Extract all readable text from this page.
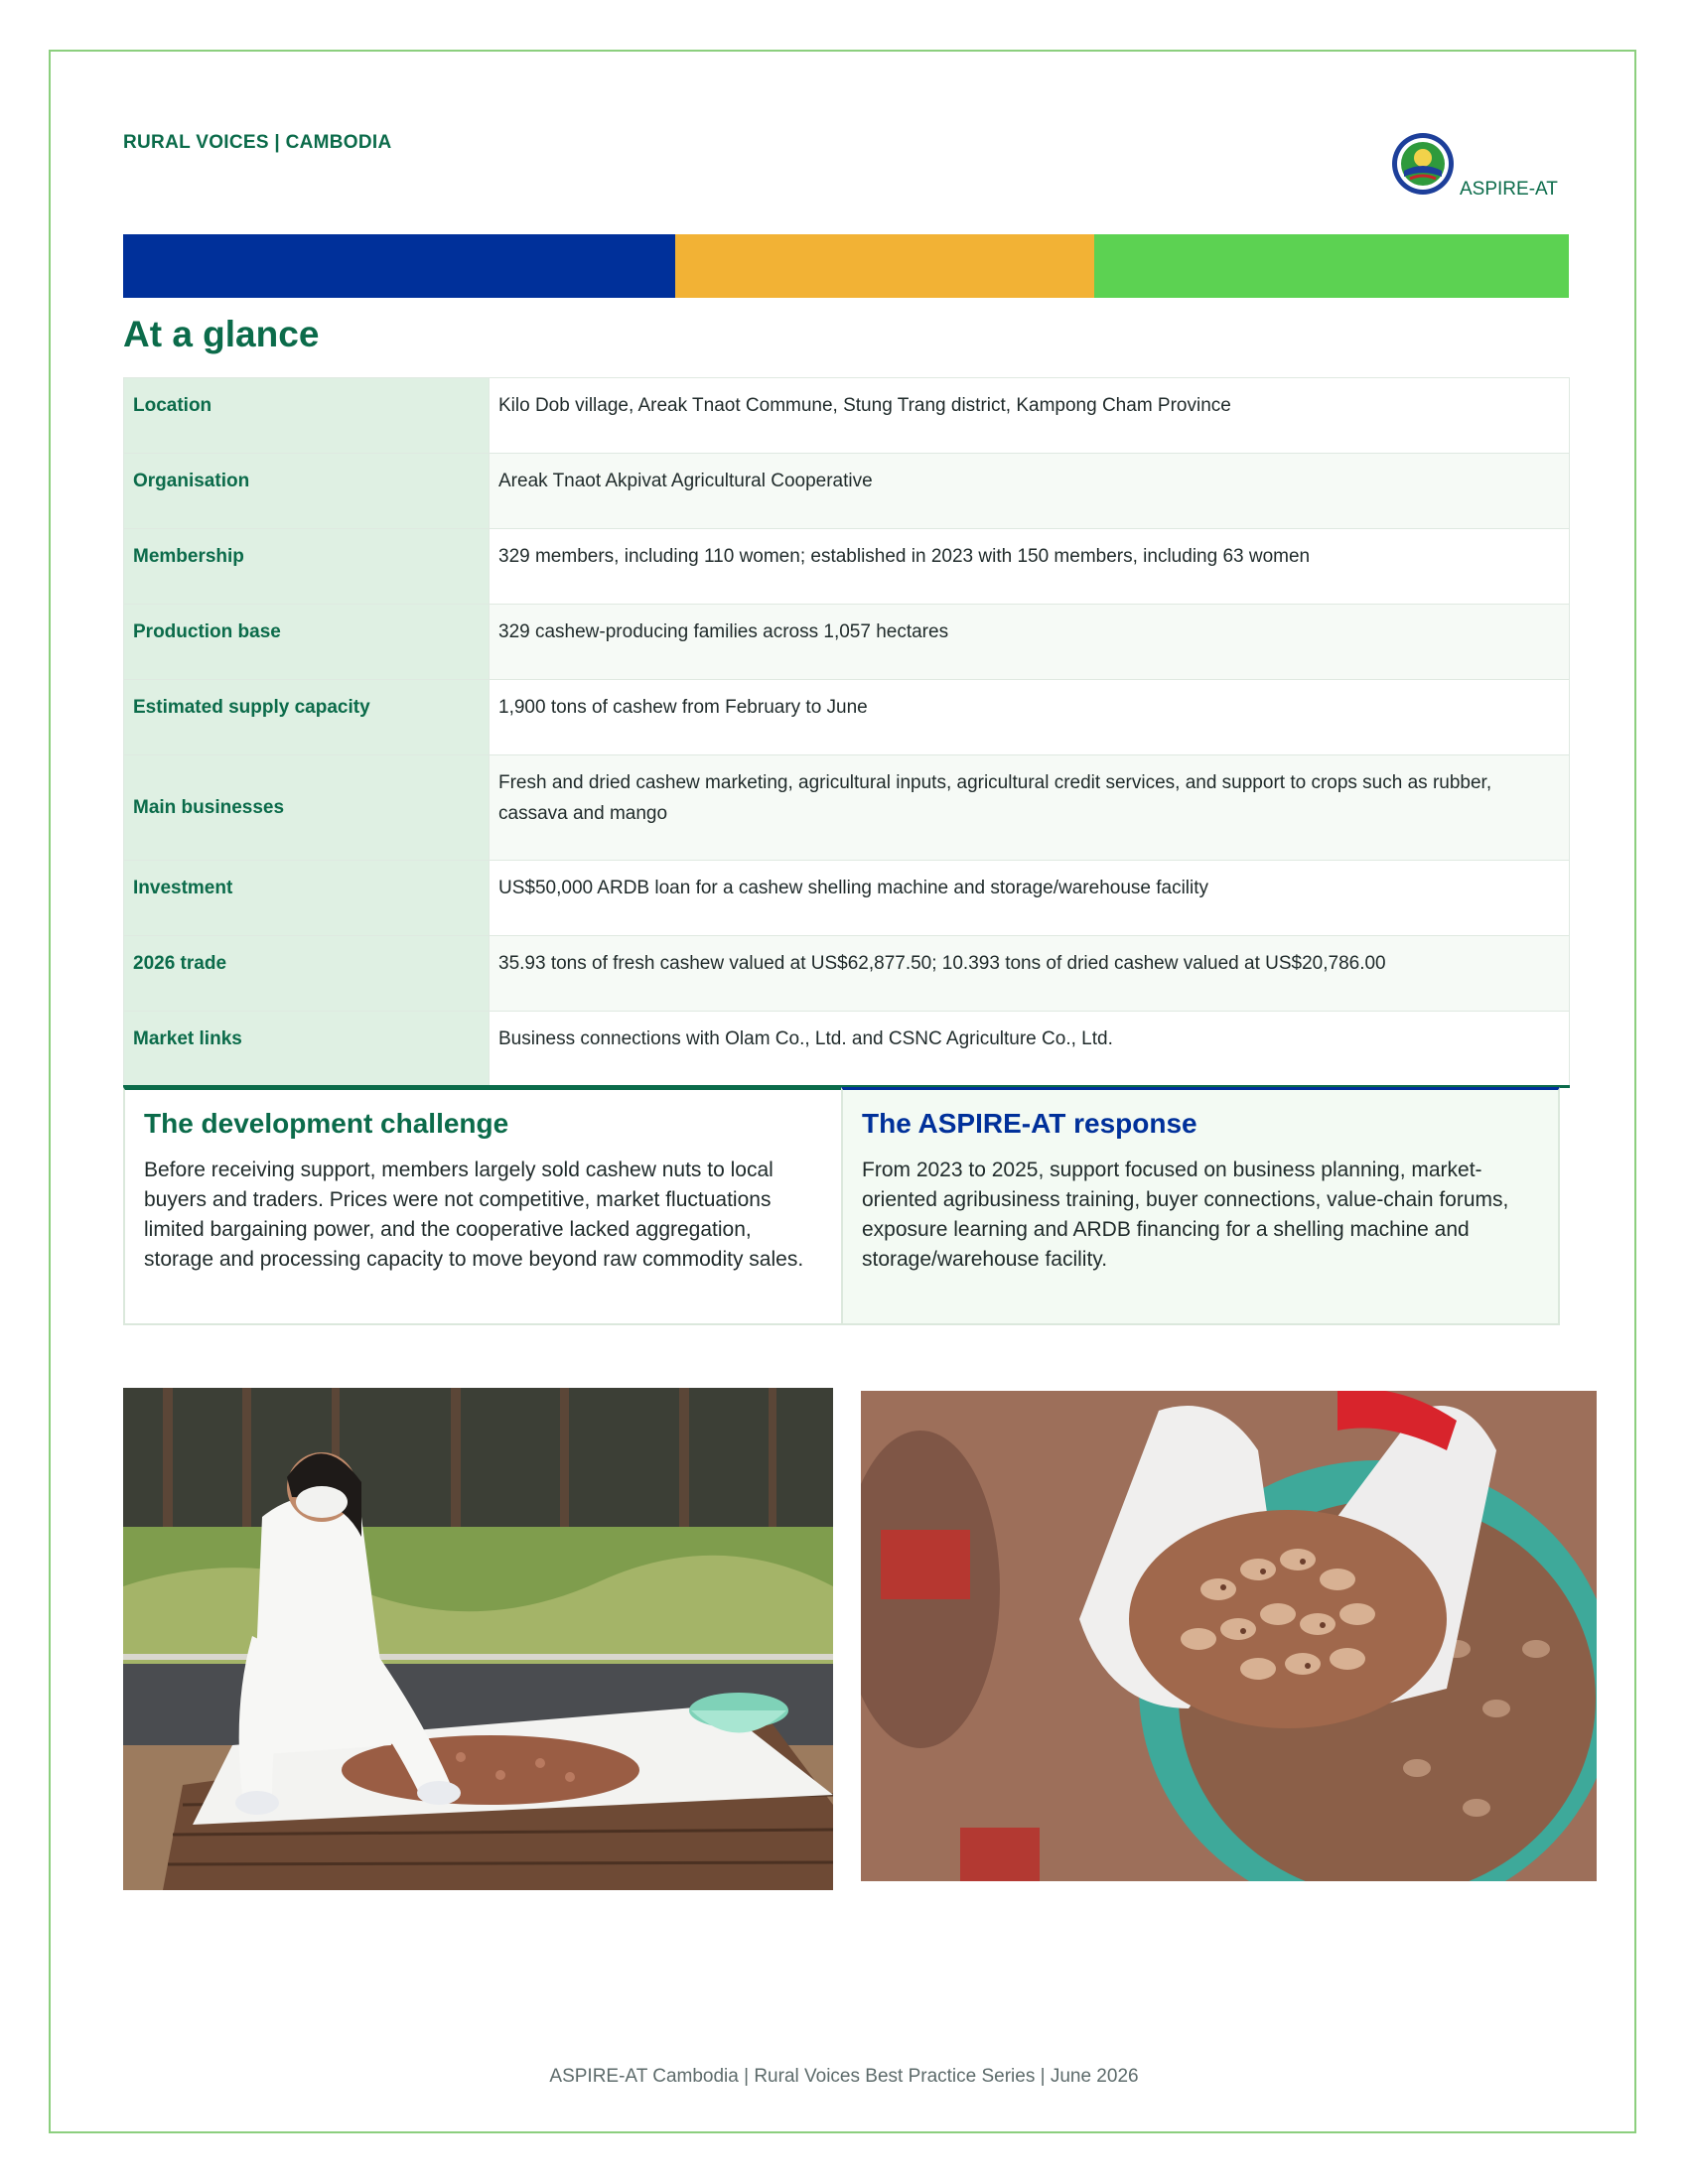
RURAL VOICES | CAMBODIA
ASPIRE-AT
At a glance
Location	Kilo Dob village, Areak Tnaot Commune, Stung Trang district, Kampong Cham Province
Organisation	Areak Tnaot Akpivat Agricultural Cooperative
Membership	329 members, including 110 women; established in 2023 with 150 members, including 63 women
Production base	329 cashew-producing families across 1,057 hectares
Estimated supply capacity	1,900 tons of cashew from February to June
Main businesses	Fresh and dried cashew marketing, agricultural inputs, agricultural credit services, and support to crops such as rubber, cassava and mango
Investment	US$50,000 ARDB loan for a cashew shelling machine and storage/warehouse facility
2026 trade	35.93 tons of fresh cashew valued at US$62,877.50; 10.393 tons of dried cashew valued at US$20,786.00
Market links	Business connections with Olam Co., Ltd. and CSNC Agriculture Co., Ltd.
The development challenge

Before receiving support, members largely sold cashew nuts to local buyers and traders. Prices were not competitive, market fluctuations limited bargaining power, and the cooperative lacked aggregation, storage and processing capacity to move beyond raw commodity sales.

The ASPIRE-AT response

From 2023 to 2025, support focused on business planning, market-oriented agribusiness training, buyer connections, value-chain forums, exposure learning and ARDB financing for a shelling machine and storage/warehouse facility.

ASPIRE-AT Cambodia | Rural Voices Best Practice Series | June 2026
